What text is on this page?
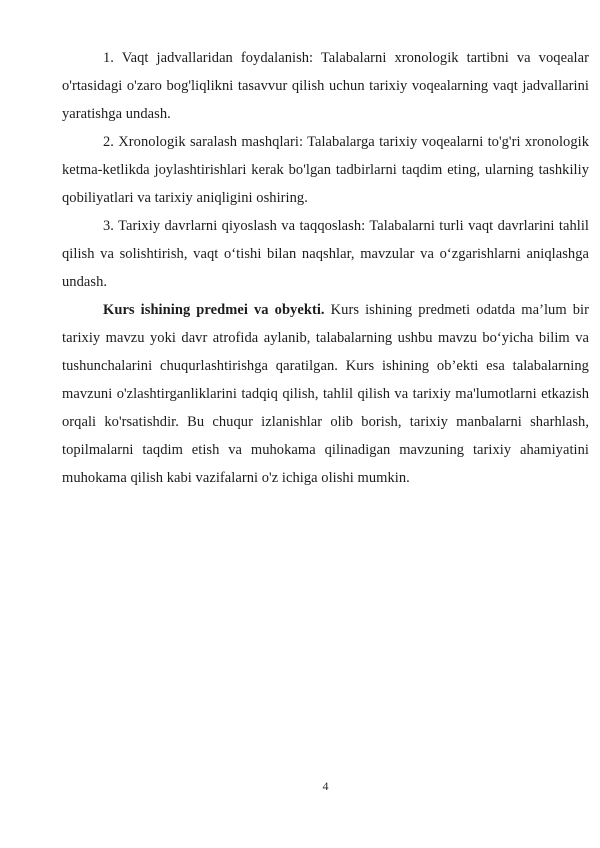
1. Vaqt jadvallaridan foydalanish: Talabalarni xronologik tartibni va voqealar o'rtasidagi o'zaro bog'liqlikni tasavvur qilish uchun tarixiy voqealarning vaqt jadvallarini yaratishga undash.

2. Xronologik saralash mashqlari: Talabalarga tarixiy voqealarni to'g'ri xronologik ketma-ketlikda joylashtirishlari kerak bo'lgan tadbirlarni taqdim eting, ularning tashkiliy qobiliyatlari va tarixiy aniqligini oshiring.

3. Tarixiy davrlarni qiyoslash va taqqoslash: Talabalarni turli vaqt davrlarini tahlil qilish va solishtirish, vaqt o‘tishi bilan naqshlar, mavzular va o‘zgarishlarni aniqlashga undash.

Kurs ishining predmei va obyekti. Kurs ishining predmeti odatda ma’lum bir tarixiy mavzu yoki davr atrofida aylanib, talabalarning ushbu mavzu bo‘yicha bilim va tushunchalarini chuqurlashtirishga qaratilgan. Kurs ishining ob’ekti esa talabalarning mavzuni o'zlashtirganliklarini tadqiq qilish, tahlil qilish va tarixiy ma'lumotlarni etkazish orqali ko'rsatishdir. Bu chuqur izlanishlar olib borish, tarixiy manbalarni sharhlash, topilmalarni taqdim etish va muhokama qilinadigan mavzuning tarixiy ahamiyatini muhokama qilish kabi vazifalarni o'z ichiga olishi mumkin.

4
